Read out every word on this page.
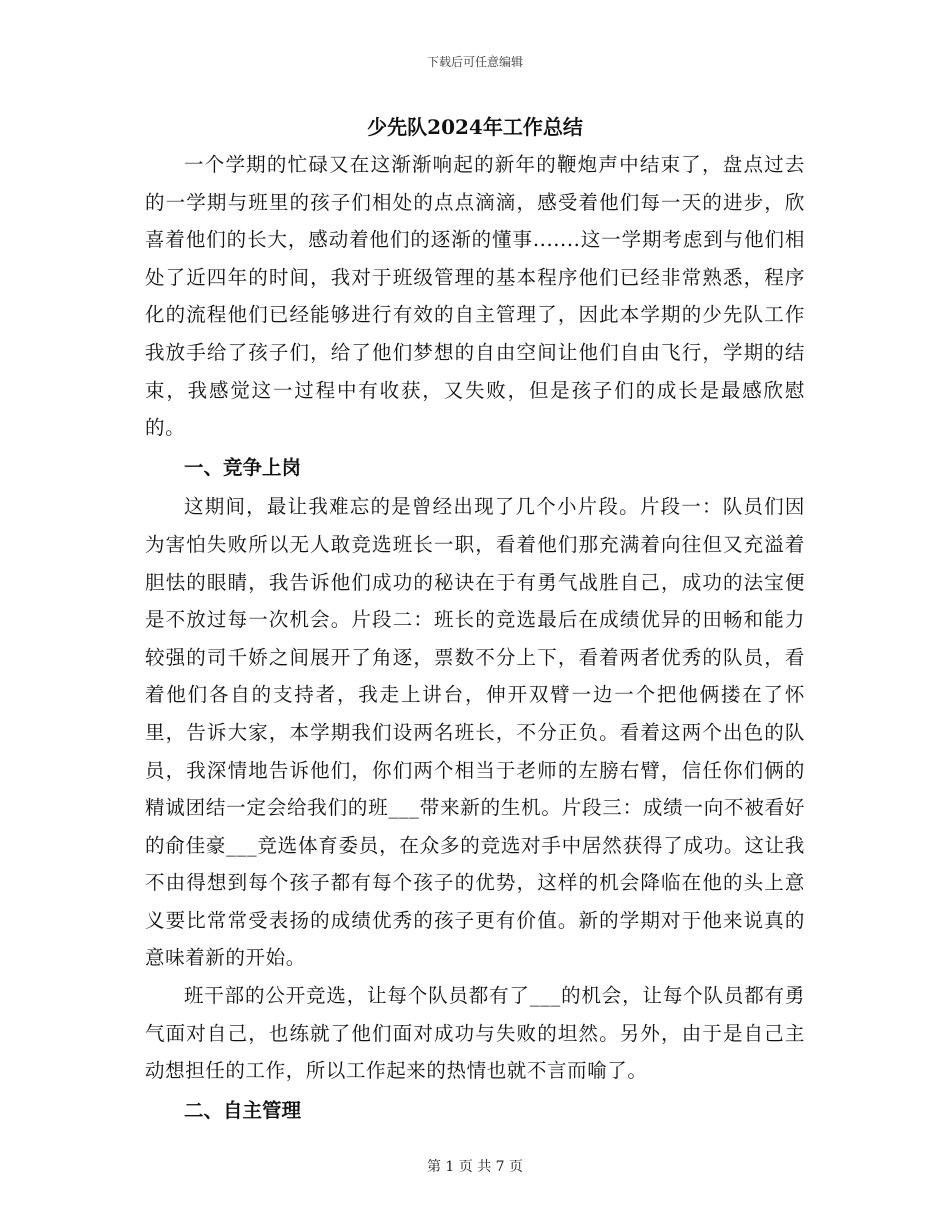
下载后可任意编辑
少先队2024年工作总结

一个学期的忙碌又在这渐渐响起的新年的鞭炮声中结束了，盘点过去的一学期与班里的孩子们相处的点点滴滴，感受着他们每一天的进步，欣喜着他们的长大，感动着他们的逐渐的懂事.......这一学期考虑到与他们相处了近四年的时间，我对于班级管理的基本程序他们已经非常熟悉，程序化的流程他们已经能够进行有效的自主管理了，因此本学期的少先队工作我放手给了孩子们，给了他们梦想的自由空间让他们自由飞行，学期的结束，我感觉这一过程中有收获，又失败，但是孩子们的成长是最感欣慰的。

一、竞争上岗

这期间，最让我难忘的是曾经出现了几个小片段。片段一：队员们因为害怕失败所以无人敢竞选班长一职，看着他们那充满着向往但又充溢着胆怯的眼睛，我告诉他们成功的秘诀在于有勇气战胜自己，成功的法宝便是不放过每一次机会。片段二：班长的竞选最后在成绩优异的田畅和能力较强的司千娇之间展开了角逐，票数不分上下，看着两者优秀的队员，看着他们各自的支持者，我走上讲台，伸开双臂一边一个把他俩搂在了怀里，告诉大家，本学期我们设两名班长，不分正负。看着这两个出色的队员，我深情地告诉他们，你们两个相当于老师的左膀右臂，信任你们俩的精诚团结一定会给我们的班___带来新的生机。片段三：成绩一向不被看好的俞佳豪___竞选体育委员，在众多的竞选对手中居然获得了成功。这让我不由得想到每个孩子都有每个孩子的优势，这样的机会降临在他的头上意义要比常常受表扬的成绩优秀的孩子更有价值。新的学期对于他来说真的意味着新的开始。

班干部的公开竞选，让每个队员都有了___的机会，让每个队员都有勇气面对自己，也练就了他们面对成功与失败的坦然。另外，由于是自己主动想担任的工作，所以工作起来的热情也就不言而喻了。

二、自主管理
第 1 页 共 7 页
